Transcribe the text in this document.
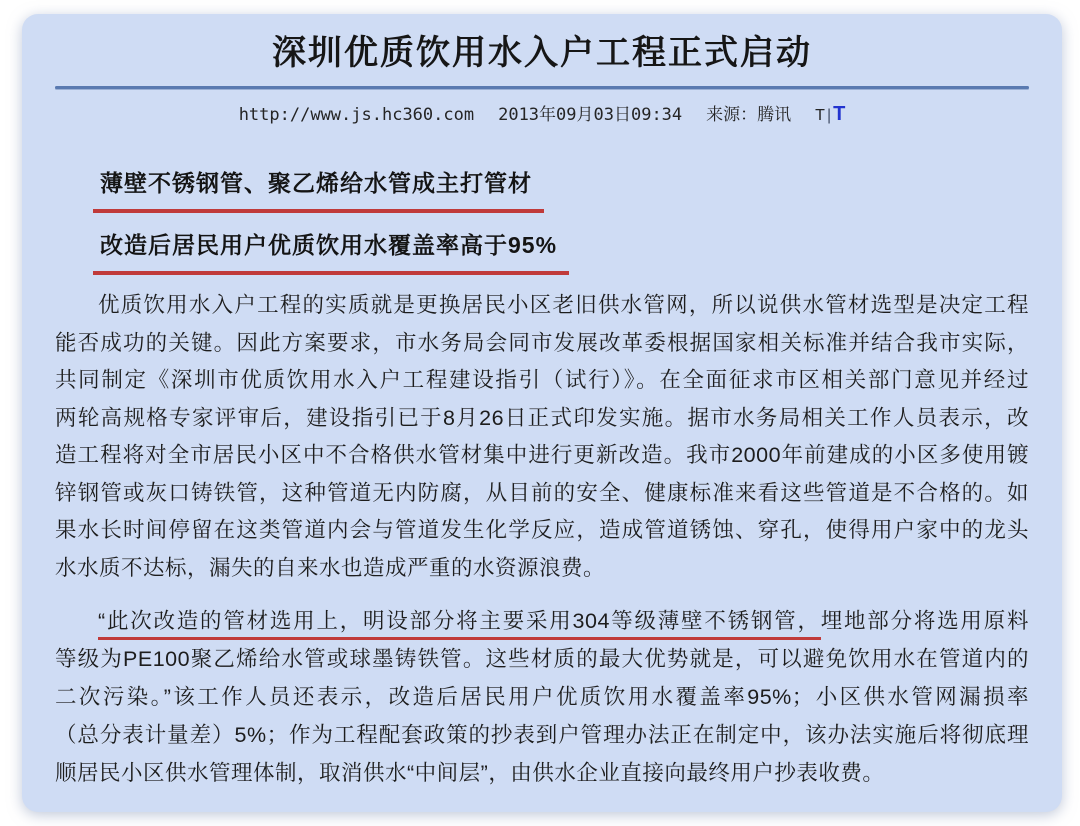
深圳优质饮用水入户工程正式启动
http://www.js.hc360.com 2013年09月03日09:34 来源：腾讯 T | T
薄壁不锈钢管、聚乙烯给水管成主打管材
改造后居民用户优质饮用水覆盖率高于95%
优质饮用水入户工程的实质就是更换居民小区老旧供水管网，所以说供水管材选型是决定工程
能否成功的关键。因此方案要求，市水务局会同市发展改革委根据国家相关标准并结合我市实际，
共同制定《深圳市优质饮用水入户工程建设指引（试行）》。在全面征求市区相关部门意见并经过
两轮高规格专家评审后，建设指引已于8月26日正式印发实施。据市水务局相关工作人员表示，改
造工程将对全市居民小区中不合格供水管材集中进行更新改造。我市2000年前建成的小区多使用镀
锌钢管或灰口铸铁管，这种管道无内防腐，从目前的安全、健康标准来看这些管道是不合格的。如
果水长时间停留在这类管道内会与管道发生化学反应，造成管道锈蚀、穿孔，使得用户家中的龙头
水水质不达标，漏失的自来水也造成严重的水资源浪费。
“此次改造的管材选用上，明设部分将主要采用304等级薄壁不锈钢管，埋地部分将选用原料
等级为PE100聚乙烯给水管或球墨铸铁管。这些材质的最大优势就是，可以避免饮用水在管道内的
二次污染。”该工作人员还表示，改造后居民用户优质饮用水覆盖率95%；小区供水管网漏损率
（总分表计量差）5%；作为工程配套政策的抄表到户管理办法正在制定中，该办法实施后将彻底理
顺居民小区供水管理体制，取消供水“中间层”，由供水企业直接向最终用户抄表收费。
